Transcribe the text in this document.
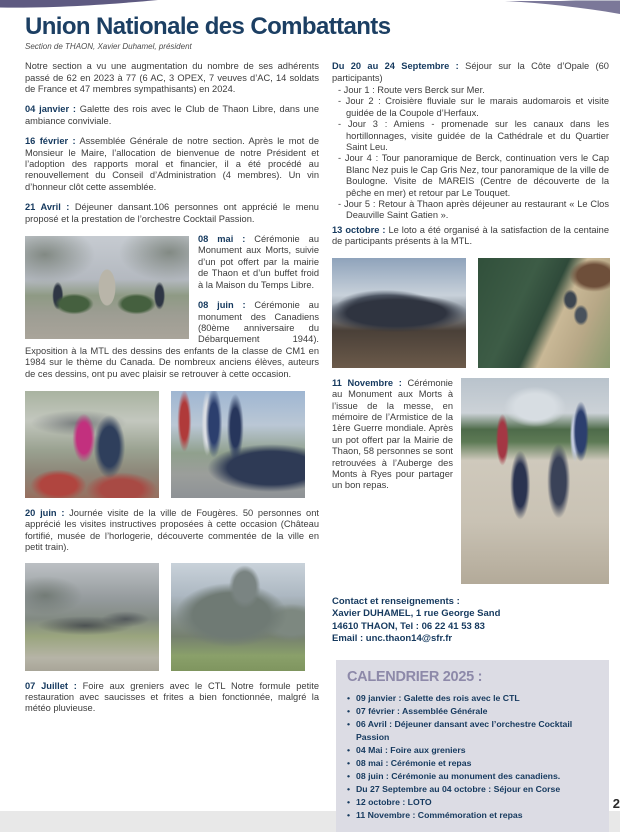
Union Nationale des Combattants
Section de THAON, Xavier Duhamel, président

Notre section a vu une augmentation du nombre de ses adhérents passé de 62 en 2023 à 77 (6 AC, 3 OPEX, 7 veuves d’AC, 14 soldats de France et 47 membres sympathisants) en 2024.

04 janvier : Galette des rois avec le Club de Thaon Libre, dans une ambiance conviviale.

16 février : Assemblée Générale de notre section. Après le mot de Monsieur le Maire, l’allocation de bienvenue de notre Président et l’adoption des rapports moral et financier, il a été procédé au renouvellement du Conseil d’Administration (4 membres). Un vin d’honneur clôt cette assemblée.

21 Avril : Déjeuner dansant.106 personnes ont apprécié le menu proposé et la prestation de l’orchestre Cocktail Passion.

08 mai : Cérémonie au Monument aux Morts, suivie d’un pot offert par la mairie de Thaon et d’un buffet froid à la Maison du Temps Libre.

08 juin : Cérémonie au monument des Canadiens (80ème anniversaire du Débarquement 1944). Exposition à la MTL des dessins des enfants de la classe de CM1 en 1984 sur le thème du Canada. De nombreux anciens élèves, auteurs de ces dessins, ont pu avec plaisir se retrouver à cette occasion.

20 juin : Journée visite de la ville de Fougères. 50 personnes ont apprécié les visites instructives proposées à cette occasion (Château fortifié, musée de l’horlogerie, découverte commentée de la ville en petit train).

07 Juillet : Foire aux greniers avec le CTL Notre formule petite restauration avec saucisses et frites a bien fonctionnée, malgré la météo pluvieuse.

Du 20 au 24 Septembre : Séjour sur la Côte d’Opale (60 participants)

- Jour 1 : Route vers Berck sur Mer.

- Jour 2 : Croisière fluviale sur le marais audomarois et visite guidée de la Coupole d’Herfaux.

- Jour 3 : Amiens - promenade sur les canaux dans les hortillonnages, visite guidée de la Cathédrale et du Quartier Saint Leu.

- Jour 4 : Tour panoramique de Berck, continuation vers le Cap Blanc Nez puis le Cap Gris Nez, tour panoramique de la ville de Boulogne. Visite de MAREIS (Centre de découverte de la pêche en mer) et retour par Le Touquet.

- Jour 5 : Retour à Thaon après déjeuner au restaurant « Le Clos Deauville Saint Gatien ».

13 octobre : Le loto a été organisé à la satisfaction de la centaine de participants présents à la MTL.

11 Novembre : Cérémonie au Monument aux Morts à l’issue de la messe, en mémoire de l’Armistice de la 1ère Guerre mondiale. Après un pot offert par la Mairie de Thaon, 58 personnes se sont retrouvées à l’Auberge des Monts à Ryes pour partager un bon repas.

Contact et renseignements :

Xavier DUHAMEL, 1 rue George Sand

14610 THAON, Tel : 06 22 41 53 83

Email : unc.thaon14@sfr.fr

CALENDRIER 2025 :
• 09 janvier : Galette des rois avec le CTL
• 07 février : Assemblée Générale
• 06 Avril : Déjeuner dansant avec l’orchestre Cocktail Passion
• 04 Mai : Foire aux greniers
• 08 mai : Cérémonie et repas
• 08 juin : Cérémonie au monument des canadiens.
• Du 27 Septembre au 04 octobre : Séjour en Corse
• 12 octobre : LOTO
• 11 Novembre : Commémoration et repas
2
